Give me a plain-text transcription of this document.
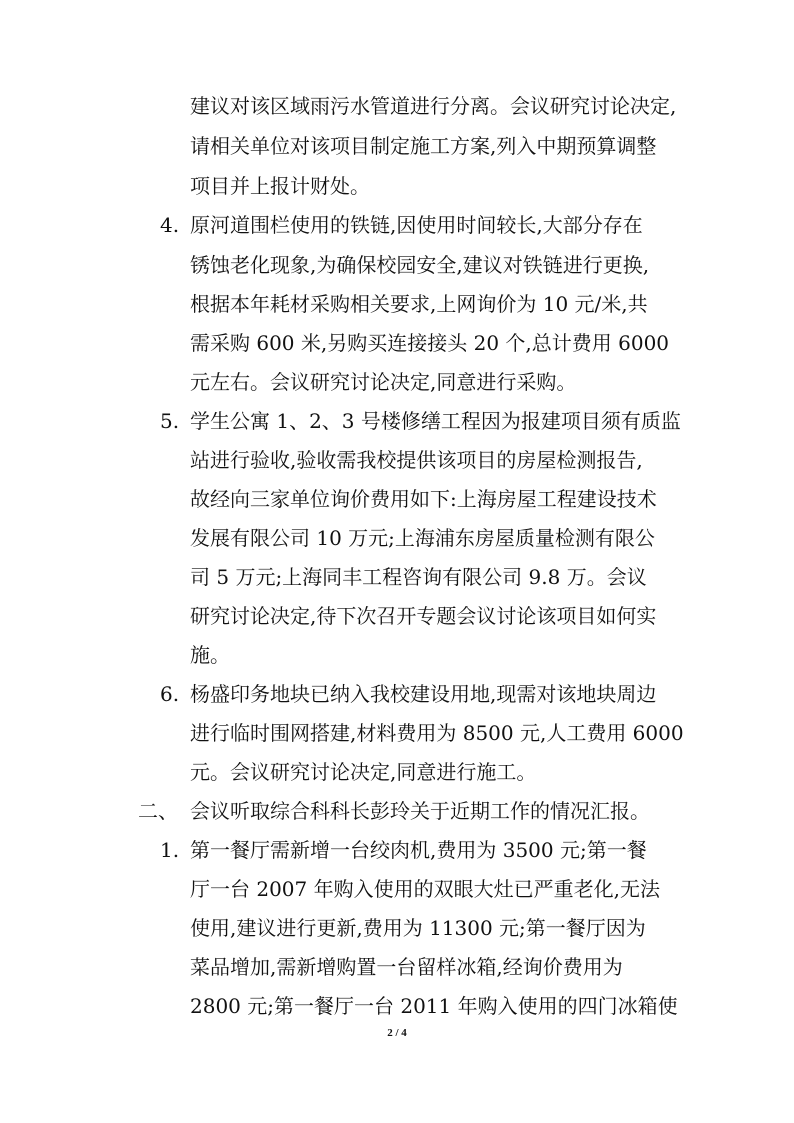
建议对该区域雨污水管道进行分离。会议研究讨论决定,
请相关单位对该项目制定施工方案,列入中期预算调整
项目并上报计财处。
4. 原河道围栏使用的铁链,因使用时间较长,大部分存在
锈蚀老化现象,为确保校园安全,建议对铁链进行更换,
根据本年耗材采购相关要求,上网询价为 10 元/米,共
需采购 600 米,另购买连接接头 20 个,总计费用 6000
元左右。会议研究讨论决定,同意进行采购。
5. 学生公寓 1、2、3 号楼修缮工程因为报建项目须有质监
站进行验收,验收需我校提供该项目的房屋检测报告,
故经向三家单位询价费用如下:上海房屋工程建设技术
发展有限公司 10 万元;上海浦东房屋质量检测有限公
司 5 万元;上海同丰工程咨询有限公司 9.8 万。会议
研究讨论决定,待下次召开专题会议讨论该项目如何实
施。
6. 杨盛印务地块已纳入我校建设用地,现需对该地块周边
进行临时围网搭建,材料费用为 8500 元,人工费用 6000
元。会议研究讨论决定,同意进行施工。
二、 会议听取综合科科长彭玲关于近期工作的情况汇报。
1. 第一餐厅需新增一台绞肉机,费用为 3500 元;第一餐
厅一台 2007 年购入使用的双眼大灶已严重老化,无法
使用,建议进行更新,费用为 11300 元;第一餐厅因为
菜品增加,需新增购置一台留样冰箱,经询价费用为
2800 元;第一餐厅一台 2011 年购入使用的四门冰箱使
2 / 4
